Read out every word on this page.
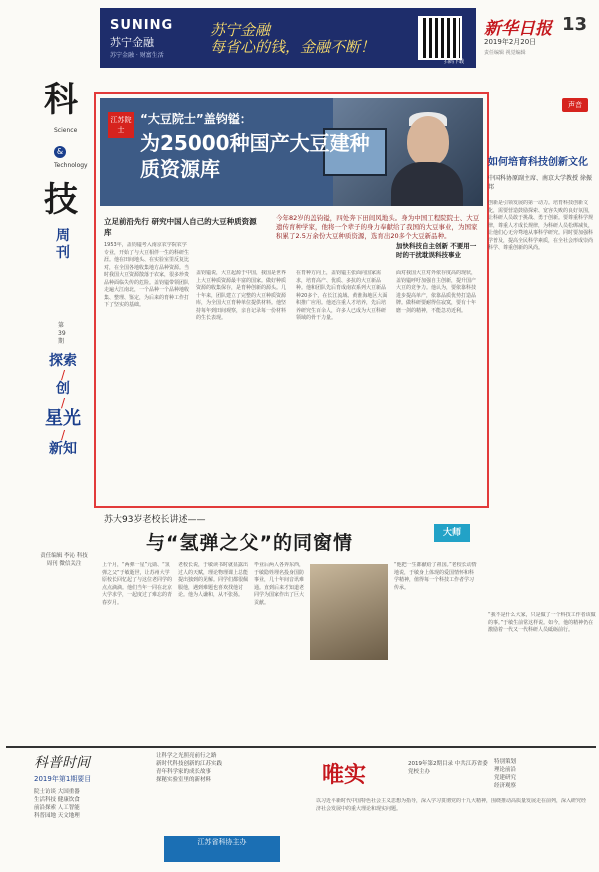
科
Science
&
Technology
技
周刊
第39期
探索
/
创
/
星光
/
新知
责任编辑 李沁 科技周刊 微信关注
SUNING
苏宁金融
苏宁金融 · 财富生活
苏宁金融
每省心的钱，金融不断！
扫码下载
新华日报 13
2019年2月20日
责任编辑 视觉编辑
江苏院士
“大豆院士”盖钧镒：
为25000种国产大豆建种质资源库
立足前沿先行 研究中国人自己的大豆种质资源库
今年82岁的盖钧镒，四处奔下田间风地头。身为中国工程院院士、大豆遗传育种学家，他将一个辈子的身力奉献给了我国的大豆事业，为国家积累了2.5万余份大豆种质资源，选育出20多个大豆新品种。
1953年，盖钧镒考入南京农学院农学专业，开始了与大豆相伴一生的科研生涯。他在田间地头、在实验室里反复比对，在全国各地收集地方品种资源。当时我国大豆资源散落于农家，很多珍贵品种面临失传的危险。盖钧镒带领团队走遍大江南北，一个品种一个品种地收集、整理、鉴定，为后来的育种工作打下了坚实的基础。
盖钧镒说，大豆起源于中国，我国是世界上大豆种质资源最丰富的国家。做好种质资源的收集保存，是育种创新的源头。几十年来，团队建立了完整的大豆种质资源库，为全国大豆育种单位提供材料。他坚持每年到田间观察，亲自记录每一份材料的生长表现。
在育种方向上，盖钧镒主张面向国家需求，培育高产、优质、多抗的大豆新品种。他和团队先后育成南农系列大豆新品种20多个，在长江流域、黄淮海地区大面积推广应用。他还注重人才培养，先后培养研究生百余人，许多人已成为大豆科研领域的骨干力量。
加快科技自主创新 不要用一时的干扰耽误科技事业
面对我国大豆对外依存度高的现状，盖钧镒呼吁加强自主创新，提升国产大豆的竞争力。他认为，要依靠科技进步提高单产，依靠品质优势打造品牌。做科研要耐得住寂寞，要有十年磨一剑的精神，不能急功近利。
声音
如何培育科技创新文化
中国科协原副主席、南京大学教授 徐振邦
创新是引领发展的第一动力。培育科技创新文化，需要营造鼓励探索、宽容失败的良好氛围，让科研人员敢于挑战、勇于创新。要尊重科学规律，尊重人才成长规律，为科研人员松绑减负，让他们心无旁骛地从事科学研究。同时要加强科学普及，提高全民科学素质，在全社会形成崇尚科学、尊重创新的风尚。
苏大93岁老校长讲述——
与“氢弹之父”的同窗情	大师
上个月，“两弹一星”元勋、“氢弹之父”于敏逝世，让苏州大学原校长回忆起了与这位老同学的点点滴滴。他们当年一同在北京大学求学，一起度过了难忘的青春岁月。
老校长说，于敏读书时就显露出过人的天赋，理论物理课上总能提出独到的见解。同学们都很佩服他，遇到难题也喜欢找他讨论。他为人谦和，从不张扬。
毕业后两人各奔东西，于敏隐姓埋名投身国防事业，几十年间音讯难通。直到后来才知道老同学为国家作出了巨大贡献。
“他把一生都献给了祖国。”老校长动情地说，于敏身上体现的爱国情怀和科学精神，值得每一个科技工作者学习传承。
“我不是什么大家，只是做了一个科技工作者该做的事。”于敏生前常这样说。如今，他的精神仍在激励着一代又一代科研人员砥砺前行。
科普时间
2019年第1期要目
院士访谈 大国重器
生活科技 健康饮食
前沿探索 人工智能
科普园地 天文地理
让科学之光照亮前行之路
新时代科技创新的江苏实践
青年科学家的成长故事
探秘实验室里的新材料
江苏省科协主办
唯实	2019年第2期目录 中共江苏省委党校主办
特别策划
理论前沿
党建研究
经济观察
以习近平新时代中国特色社会主义思想为指导，深入学习贯彻党的十九大精神，围绕推动高质量发展走在前列，深入研究经济社会发展中的重大理论和现实问题。
